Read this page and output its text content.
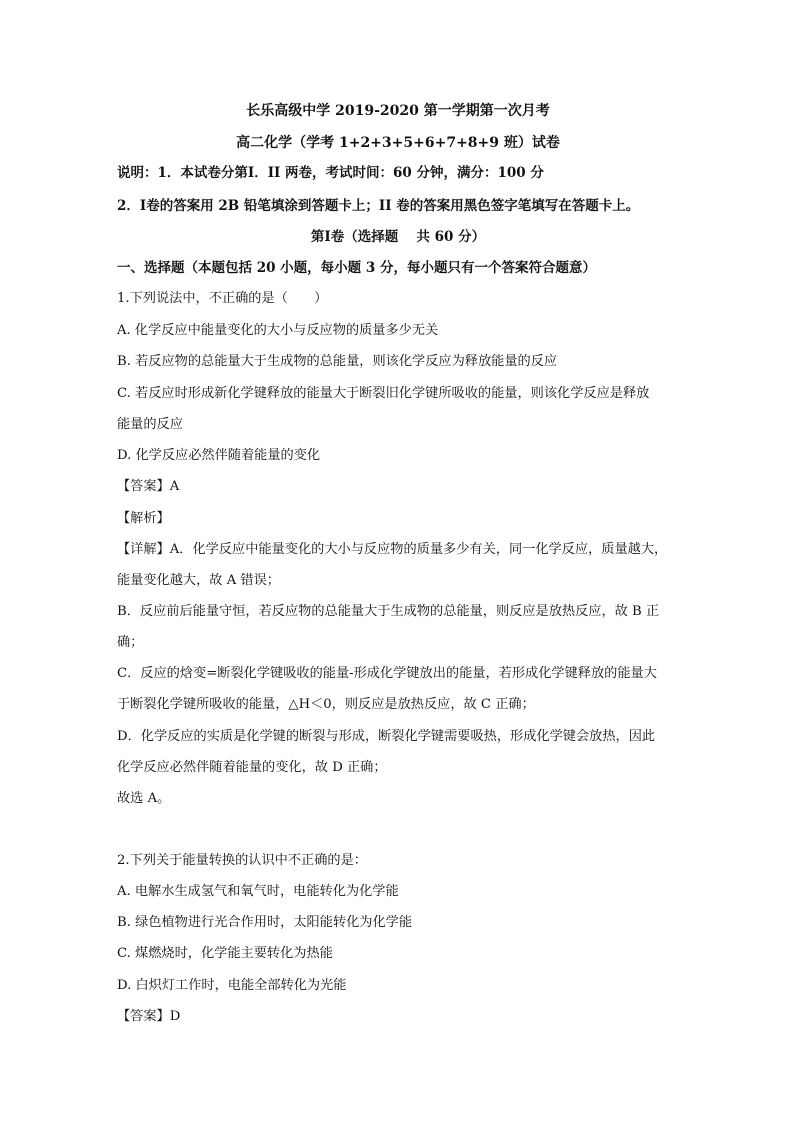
长乐高级中学 2019-2020 第一学期第一次月考
高二化学（学考 1+2+3+5+6+7+8+9 班）试卷
说明：1．本试卷分第Ⅰ．II 两卷，考试时间：60 分钟，满分：100 分
2．Ⅰ卷的答案用 2B 铅笔填涂到答题卡上；II 卷的答案用黑色签字笔填写在答题卡上。
第Ⅰ卷（选择题　 共 60 分）
一、选择题（本题包括 20 小题，每小题 3 分，每小题只有一个答案符合题意）
1.下列说法中，不正确的是（　　）
A. 化学反应中能量变化的大小与反应物的质量多少无关
B. 若反应物的总能量大于生成物的总能量，则该化学反应为释放能量的反应
C. 若反应时形成新化学键释放的能量大于断裂旧化学键所吸收的能量，则该化学反应是释放
能量的反应
D. 化学反应必然伴随着能量的变化
【答案】A
【解析】
【详解】A．化学反应中能量变化的大小与反应物的质量多少有关，同一化学反应，质量越大，
能量变化越大，故 A 错误；
B．反应前后能量守恒，若反应物的总能量大于生成物的总能量，则反应是放热反应，故 B 正
确；
C．反应的焓变=断裂化学键吸收的能量-形成化学键放出的能量，若形成化学键释放的能量大
于断裂化学键所吸收的能量，△H＜0，则反应是放热反应，故 C 正确；
D．化学反应的实质是化学键的断裂与形成，断裂化学键需要吸热，形成化学键会放热，因此
化学反应必然伴随着能量的变化，故 D 正确；
故选 A。
2.下列关于能量转换的认识中不正确的是：
A. 电解水生成氢气和氧气时，电能转化为化学能
B. 绿色植物进行光合作用时，太阳能转化为化学能
C. 煤燃烧时，化学能主要转化为热能
D. 白炽灯工作时，电能全部转化为光能
【答案】D
